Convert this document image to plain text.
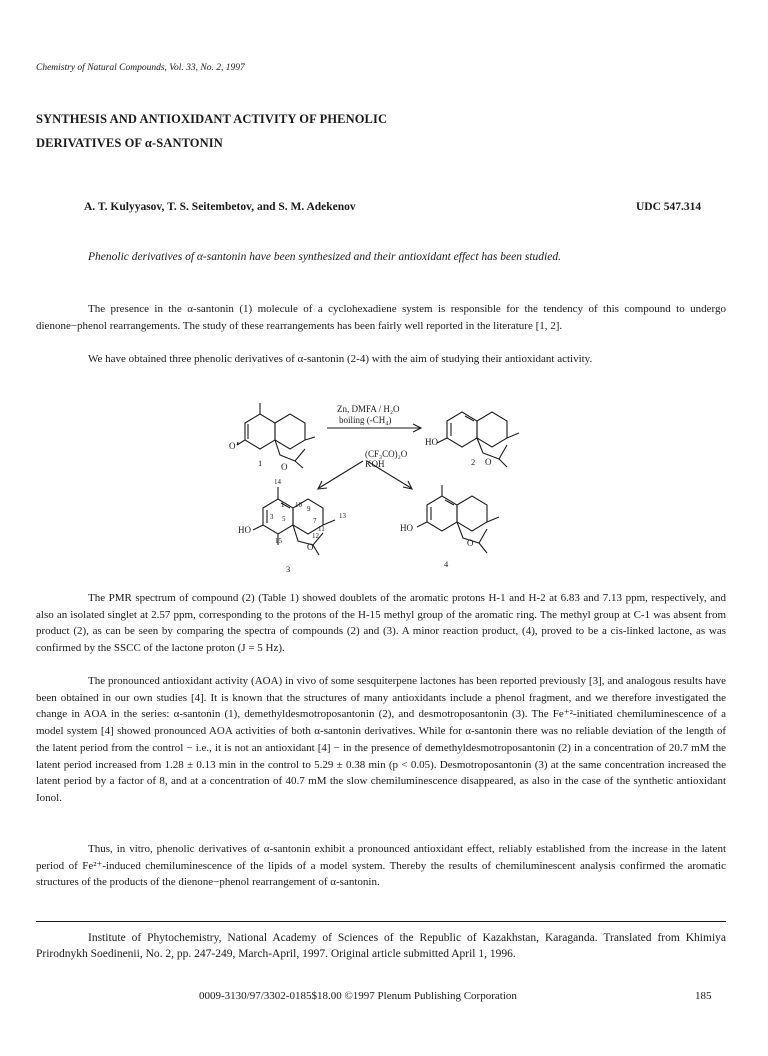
Chemistry of Natural Compounds, Vol. 33, No. 2, 1997
SYNTHESIS AND ANTIOXIDANT ACTIVITY OF PHENOLIC
DERIVATIVES OF α-SANTONIN
A. T. Kulyyasov, T. S. Seitembetov, and S. M. Adekenov	UDC 547.314
Phenolic derivatives of α-santonin have been synthesized and their antioxidant effect has been studied.
The presence in the α-santonin (1) molecule of a cyclohexadiene system is responsible for the tendency of this compound to undergo dienone−phenol rearrangements. The study of these rearrangements has been fairly well reported in the literature [1, 2].
We have obtained three phenolic derivatives of α-santonin (2-4) with the aim of studying their antioxidant activity.
Zn, DMFA / H₂O
boiling (-CH₄)
(CF₃CO)₂O
KOH
O
O
HO
O
HO
O
HO
O
1	2
3	4
14
1 10
3 5	7
9
13
15
12
11
The PMR spectrum of compound (2) (Table 1) showed doublets of the aromatic protons H-1 and H-2 at 6.83 and 7.13 ppm, respectively, and also an isolated singlet at 2.57 ppm, corresponding to the protons of the H-15 methyl group of the aromatic ring. The methyl group at C-1 was absent from product (2), as can be seen by comparing the spectra of compounds (2) and (3). A minor reaction product, (4), proved to be a cis-linked lactone, as was confirmed by the SSCC of the lactone proton (J = 5 Hz).
The pronounced antioxidant activity (AOA) in vivo of some sesquiterpene lactones has been reported previously [3], and analogous results have been obtained in our own studies [4]. It is known that the structures of many antioxidants include a phenol fragment, and we therefore investigated the change in AOA in the series: α-santonin (1), demethyldesmotroposantonin (2), and desmotroposantonin (3). The Fe⁺²-initiated chemiluminescence of a model system [4] showed pronounced AOA activities of both α-santonin derivatives. While for α-santonin there was no reliable deviation of the length of the latent period from the control − i.e., it is not an antioxidant [4] − in the presence of demethyldesmotroposantonin (2) in a concentration of 20.7 mM the latent period increased from 1.28 ± 0.13 min in the control to 5.29 ± 0.38 min (p < 0.05). Desmotroposantonin (3) at the same concentration increased the latent period by a factor of 8, and at a concentration of 40.7 mM the slow chemiluminescence disappeared, as also in the case of the synthetic antioxidant Ionol.
Thus, in vitro, phenolic derivatives of α-santonin exhibit a pronounced antioxidant effect, reliably established from the increase in the latent period of Fe²⁺-induced chemiluminescence of the lipids of a model system. Thereby the results of chemiluminescent analysis confirmed the aromatic structures of the products of the dienone−phenol rearrangement of α-santonin.
Institute of Phytochemistry, National Academy of Sciences of the Republic of Kazakhstan, Karaganda. Translated from Khimiya Prirodnykh Soedinenii, No. 2, pp. 247-249, March-April, 1997. Original article submitted April 1, 1996.
0009-3130/97/3302-0185$18.00 ©1997 Plenum Publishing Corporation	185
